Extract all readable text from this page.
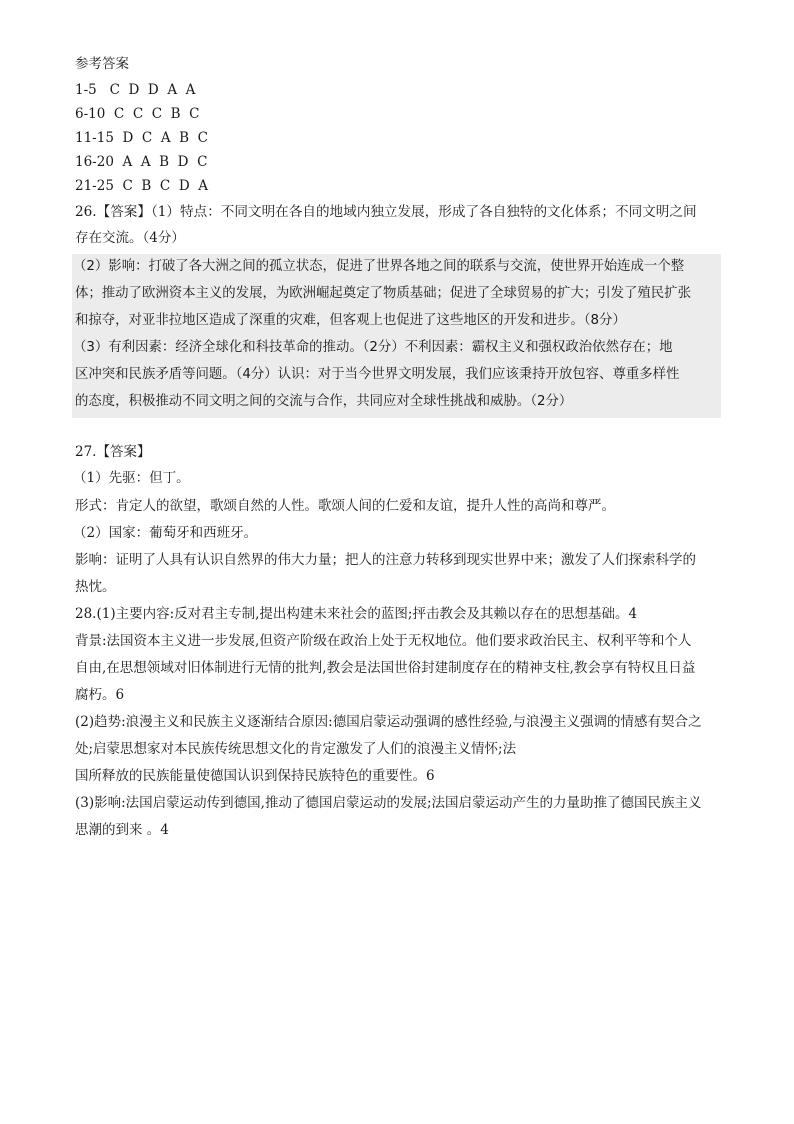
参考答案
1-5   C  D  D  A  A
6-10  C  C  C  B  C
11-15  D  C  A  B  C
16-20  A  A  B  D  C
21-25  C  B  C  D  A
26.【答案】（1）特点：不同文明在各自的地域内独立发展，形成了各自独特的文化体系；不同文明之间
存在交流。（4分）
（2）影响：打破了各大洲之间的孤立状态，促进了世界各地之间的联系与交流，使世界开始连成一个整
体；推动了欧洲资本主义的发展，为欧洲崛起奠定了物质基础；促进了全球贸易的扩大；引发了殖民扩张
和掠夺，对亚非拉地区造成了深重的灾难，但客观上也促进了这些地区的开发和进步。（8分）
（3）有利因素：经济全球化和科技革命的推动。（2分）不利因素：霸权主义和强权政治依然存在；地
区冲突和民族矛盾等问题。（4分）认识：对于当今世界文明发展，我们应该秉持开放包容、尊重多样性
的态度，积极推动不同文明之间的交流与合作，共同应对全球性挑战和威胁。（2分）
27.【答案】
（1）先驱：但丁。
形式：肯定人的欲望，歌颂自然的人性。歌颂人间的仁爱和友谊，提升人性的高尚和尊严。
（2）国家：葡萄牙和西班牙。
影响：证明了人具有认识自然界的伟大力量；把人的注意力转移到现实世界中来；激发了人们探索科学的
热忱。
28.(1)主要内容:反对君主专制,提出构建未来社会的蓝图;抨击教会及其赖以存在的思想基础。4
背景:法国资本主义进一步发展,但资产阶级在政治上处于无权地位。他们要求政治民主、权利平等和个人
自由,在思想领域对旧体制进行无情的批判,教会是法国世俗封建制度存在的精神支柱,教会享有特权且日益
腐朽。6
(2)趋势:浪漫主义和民族主义逐渐结合原因:德国启蒙运动强调的感性经验,与浪漫主义强调的情感有契合之
处;启蒙思想家对本民族传统思想文化的肯定激发了人们的浪漫主义情怀;法
国所释放的民族能量使德国认识到保持民族特色的重要性。6
(3)影响:法国启蒙运动传到德国,推动了德国启蒙运动的发展;法国启蒙运动产生的力量助推了德国民族主义
思潮的到来 。4
